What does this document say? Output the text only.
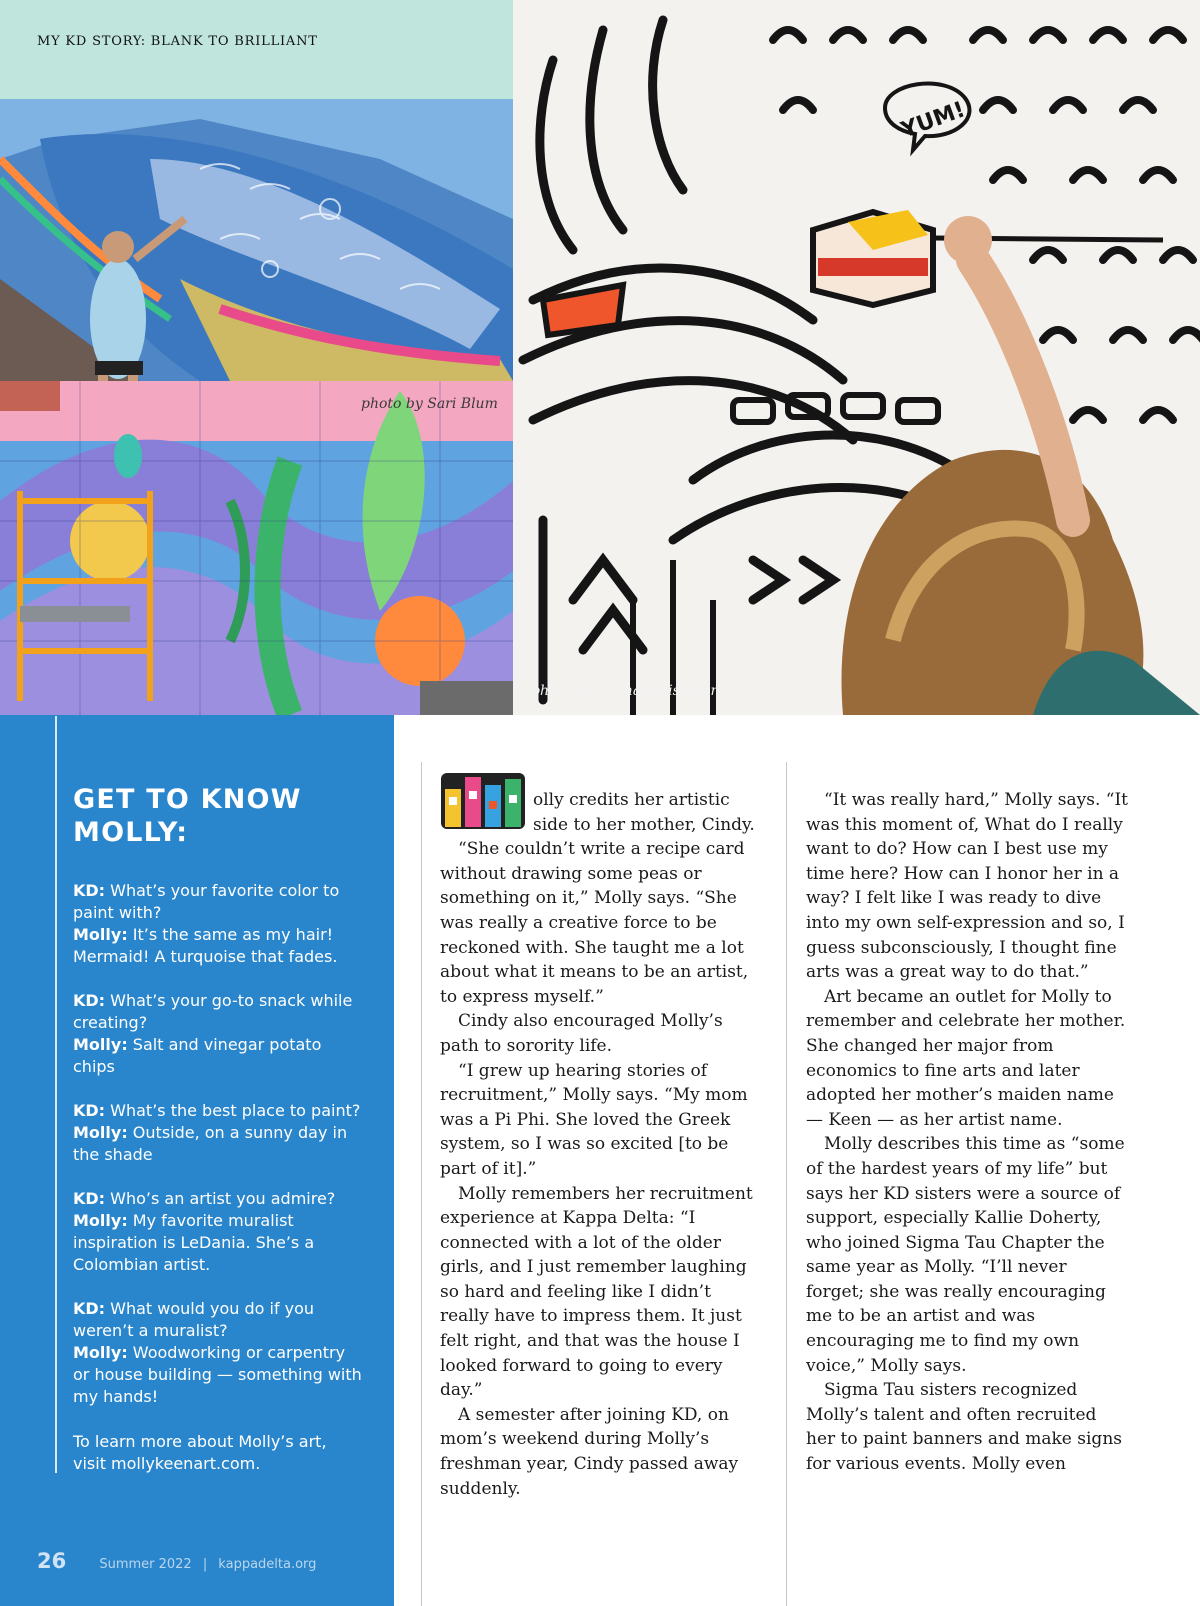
MY KD STORY: BLANK TO BRILLIANT
photo by Sari Blum
YUM!
photo by Michael Fishman
GET TO KNOW
MOLLY:
KD: What’s your favorite color to paint with?
Molly: It’s the same as my hair! Mermaid! A turquoise that fades.
KD: What’s your go-to snack while creating?
Molly: Salt and vinegar potato chips
KD: What’s the best place to paint?
Molly: Outside, on a sunny day in the shade
KD: Who’s an artist you admire?
Molly: My favorite muralist inspiration is LeDania. She’s a Colombian artist.
KD: What would you do if you weren’t a muralist?
Molly: Woodworking or carpentry or house building — something with my hands!
To learn more about Molly’s art, visit mollykeenart.com.
26	Summer 2022 | kappadelta.org
M

olly credits her artistic side to her mother, Cindy.

“She couldn’t write a recipe card without drawing some peas or something on it,” Molly says. “She was really a creative force to be reckoned with. She taught me a lot about what it means to be an artist, to express myself.”

Cindy also encouraged Molly’s path to sorority life.

“I grew up hearing stories of recruitment,” Molly says. “My mom was a Pi Phi. She loved the Greek system, so I was so excited [to be part of it].”

Molly remembers her recruitment experience at Kappa Delta: “I connected with a lot of the older girls, and I just remember laughing so hard and feeling like I didn’t really have to impress them. It just felt right, and that was the house I looked forward to going to every day.”

A semester after joining KD, on mom’s weekend during Molly’s freshman year, Cindy passed away suddenly.

“It was really hard,” Molly says. “It was this moment of, What do I really want to do? How can I best use my time here? How can I honor her in a way? I felt like I was ready to dive into my own self-expression and so, I guess subconsciously, I thought fine arts was a great way to do that.”

Art became an outlet for Molly to remember and celebrate her mother. She changed her major from economics to fine arts and later adopted her mother’s maiden name — Keen — as her artist name.

Molly describes this time as “some of the hardest years of my life” but says her KD sisters were a source of support, especially Kallie Doherty, who joined Sigma Tau Chapter the same year as Molly. “I’ll never forget; she was really encouraging me to be an artist and was encouraging me to find my own voice,” Molly says.

Sigma Tau sisters recognized Molly’s talent and often recruited her to paint banners and make signs for various events. Molly even
